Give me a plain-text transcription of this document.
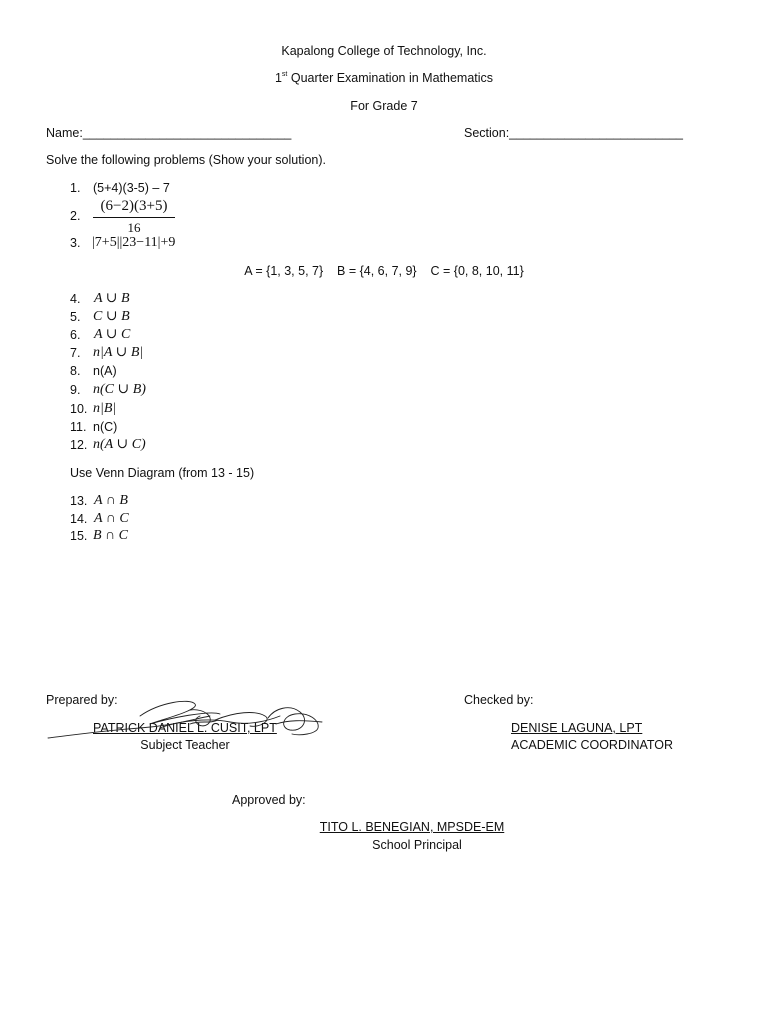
Kapalong College of Technology, Inc.
1st Quarter Examination in Mathematics
For Grade 7
Name:______________________________	Section:_________________________
Solve the following problems (Show your solution).
1. (5+4)(3-5) – 7
2. $\frac{(6-2)(3+5)}{16}$
3. |7+5||23−11|+9
A = {1, 3, 5, 7}    B = {4, 6, 7, 9}    C = {0, 8, 10, 11}
4. A ∪ B
5. C ∪ B
6. A ∪ C
7. n|A ∪ B|
8. n(A)
9. n(C ∪ B)
10. n|B|
11. n(C)
12. n(A ∪ C)
Use Venn Diagram (from 13 - 15)
13. A ∩ B
14. A ∩ C
15. B ∩ C
Prepared by:
PATRICK DANIEL L. CUSIT, LPT
Subject Teacher
Checked by:
DENISE LAGUNA, LPT
ACADEMIC COORDINATOR
Approved by:
TITO L. BENEGIAN, MPSDE-EM
School Principal
